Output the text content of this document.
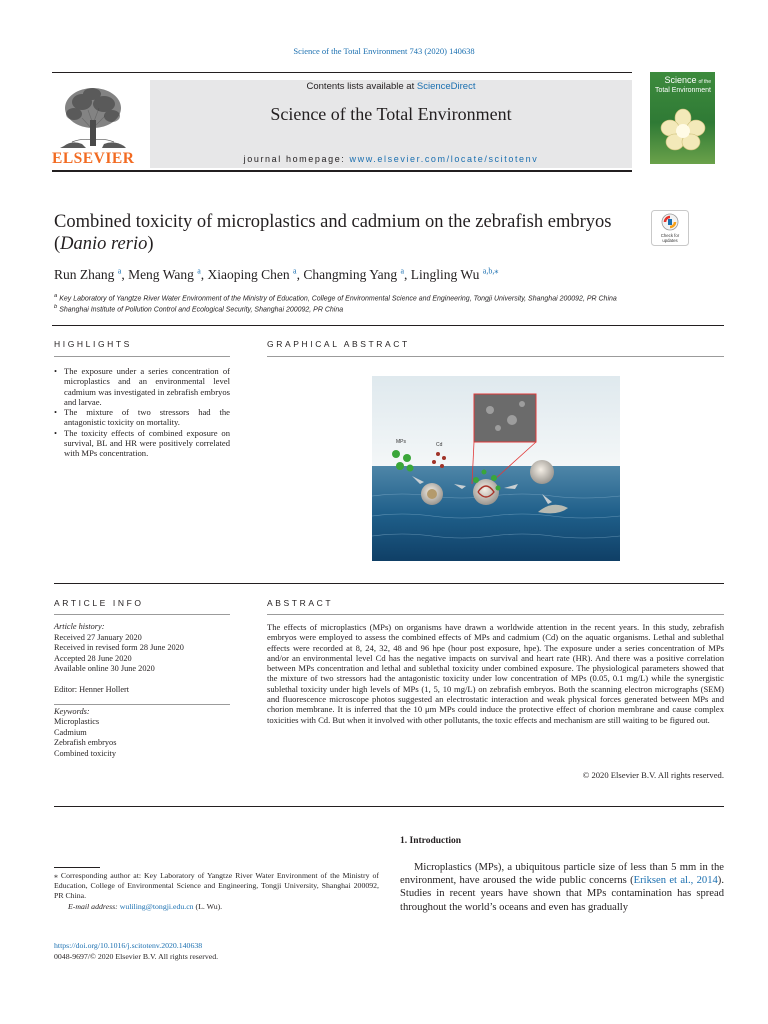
Science of the Total Environment 743 (2020) 140638
ELSEVIER
Contents lists available at ScienceDirect
Science of the Total Environment
journal homepage: www.elsevier.com/locate/scitotenv
Science of the
Total Environment
Combined toxicity of microplastics and cadmium on the zebrafish embryos (Danio rerio)	Check for
updates
Run Zhang $^a$, Meng Wang $^a$, Xiaoping Chen $^a$, Changming Yang $^a$, Lingling Wu $^{a,b,⁎}$
$^a$ Key Laboratory of Yangtze River Water Environment of the Ministry of Education, College of Environmental Science and Engineering, Tongji University, Shanghai 200092, PR China
$^b$ Shanghai Institute of Pollution Control and Ecological Security, Shanghai 200092, PR China
HIGHLIGHTS
• The exposure under a series concentration of microplastics and an environmental level cadmium was investigated in zebrafish embryos and larvae.
• The mixture of two stressors had the antagonistic toxicity on mortality.
• The toxicity effects of combined exposure on survival, BL and HR were positively correlated with MPs concentration.
GRAPHICAL ABSTRACT
MPs	Cd
ARTICLE INFO
Article history:
Received 27 January 2020
Received in revised form 28 June 2020
Accepted 28 June 2020
Available online 30 June 2020
Editor: Henner Hollert
Keywords:
Microplastics
Cadmium
Zebrafish embryos
Combined toxicity
ABSTRACT
The effects of microplastics (MPs) on organisms have drawn a worldwide attention in the recent years. In this study, zebrafish embryos were employed to assess the combined effects of MPs and cadmium (Cd) on the aquatic organisms. Lethal and sublethal effects were recorded at 8, 24, 32, 48 and 96 hpe (hour post exposure, hpe). The exposure under a series concentration of MPs and/or an environmental level Cd has the negative impacts on survival and heart rate (HR). And there was a positive correlation between MPs concentration and lethal and sublethal toxicity under combined exposure. The physiological parameters showed that the mixture of two stressors had the antagonistic toxicity under low concentration of MPs (0.05, 0.1 mg/L) while the synergistic sublethal toxicity under high levels of MPs (1, 5, 10 mg/L) on zebrafish embryos. Both the scanning electron micrographs (SEM) and fluorescence microscope photos suggested an electrostatic interaction and weak physical forces generated between MPs and chorion membrane. It is inferred that the 10 μm MPs could induce the protective effect of chorion membrane and cause complex toxicities with Cd. But when it involved with other pollutants, the toxic effects and mechanism are still waiting to be figured out.
© 2020 Elsevier B.V. All rights reserved.
1. Introduction
Microplastics (MPs), a ubiquitous particle size of less than 5 mm in the environment, have aroused the wide public concerns (Eriksen et al., 2014). Studies in recent years have shown that MPs contamination has spread throughout the world’s oceans and even has gradually
⁎ Corresponding author at: Key Laboratory of Yangtze River Water Environment of the Ministry of Education, College of Environmental Science and Engineering, Tongji University, Shanghai 200092, PR China.
E-mail address: wuliling@tongji.edu.cn (L. Wu).
https://doi.org/10.1016/j.scitotenv.2020.140638
0048-9697/© 2020 Elsevier B.V. All rights reserved.
